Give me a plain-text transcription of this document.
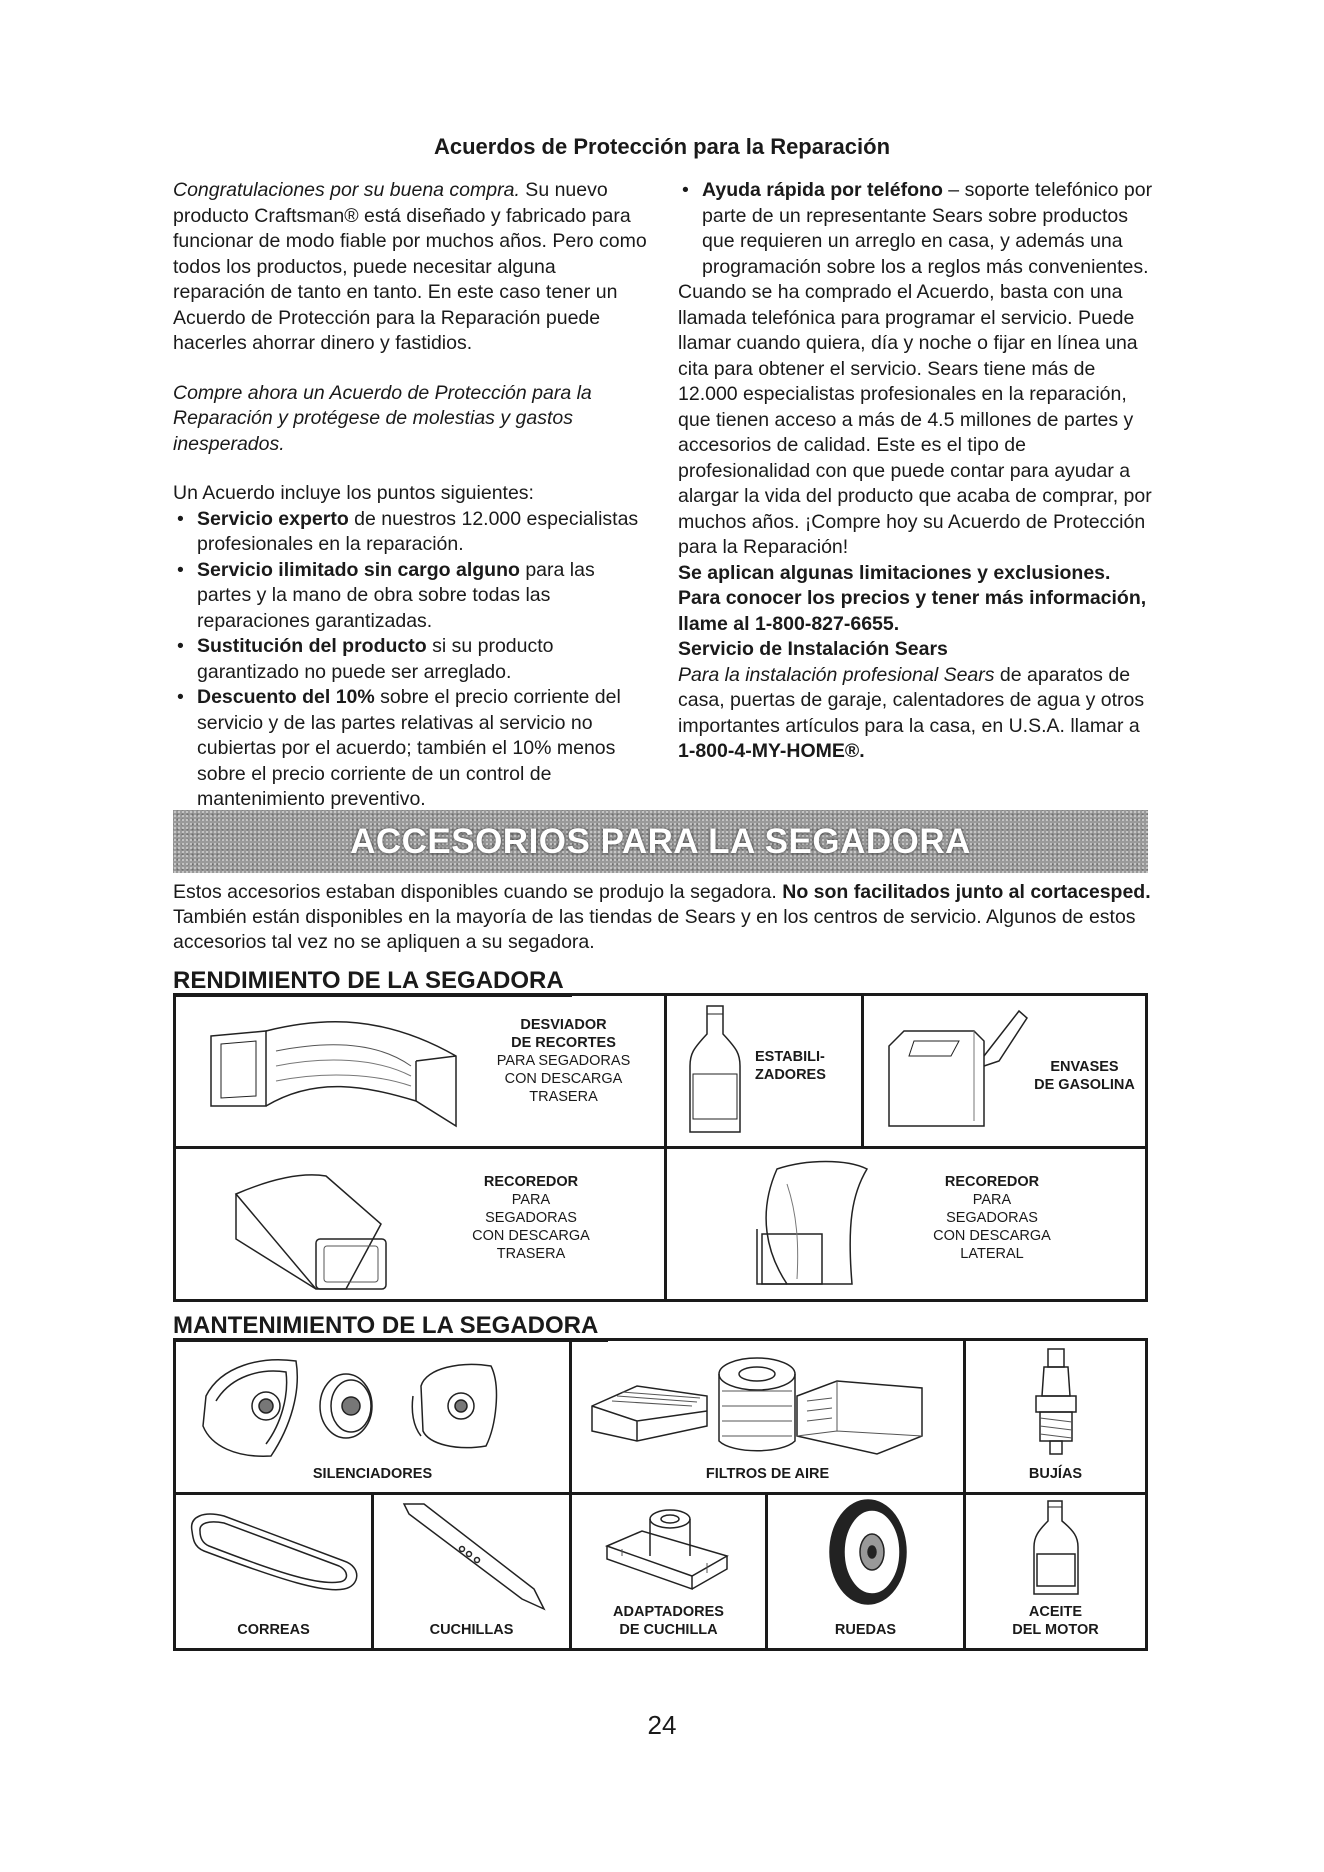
Acuerdos de Protección para la Reparación

Congratulaciones por su buena compra. Su nuevo producto Craftsman® está diseñado y fabricado para funcionar de modo fiable por muchos años. Pero como todos los productos, puede necesitar alguna reparación de tanto en tanto. En este caso tener un Acuerdo de Protección para la Reparación puede hacerles ahorrar dinero y fastidios.

Compre ahora un Acuerdo de Protección para la Reparación y protégese de molestias y gastos inesperados.

Un Acuerdo incluye los puntos siguientes:

• Servicio experto de nuestros 12.000 especialistas profesionales en la reparación.
• Servicio ilimitado sin cargo alguno para las partes y la mano de obra sobre todas las reparaciones garantizadas.
• Sustitución del producto si su producto garantizado no puede ser arreglado.
• Descuento del 10% sobre el precio corriente del servicio y de las partes relativas al servicio no cubiertas por el acuerdo; también el 10% menos sobre el precio corriente de un control de mantenimiento preventivo.
• Ayuda rápida por teléfono – soporte telefónico por parte de un representante Sears sobre productos que requieren un arreglo en casa, y además una programación sobre los a reglos más convenientes.

Cuando se ha comprado el Acuerdo, basta con una llamada telefónica para programar el servicio. Puede llamar cuando quiera, día y noche o fijar en línea una cita para obtener el servicio. Sears tiene más de 12.000 especialistas profesionales en la reparación, que tienen acceso a más de 4.5 millones de partes y accesorios de calidad. Este es el tipo de profesionalidad con que puede contar para ayudar a alargar la vida del producto que acaba de comprar, por muchos años. ¡Compre hoy su Acuerdo de Protección para la Reparación!

Se aplican algunas limitaciones y exclusiones. Para conocer los precios y tener más información, llame al 1-800-827-6655.

Servicio de Instalación Sears

Para la instalación profesional Sears de aparatos de casa, puertas de garaje, calentadores de agua y otros importantes artículos para la casa, en U.S.A. llamar a 1-800-4-MY-HOME®.

ACCESORIOS PARA LA SEGADORA
Estos accesorios estaban disponibles cuando se produjo la segadora. No son facilitados junto al cortacesped. También están disponibles en la mayoría de las tiendas de Sears y en los centros de servicio. Algunos de estos accesorios tal vez no se apliquen a su segadora.
RENDIMIENTO DE LA SEGADORA
DESVIADOR
DE RECORTES
PARA SEGADORAS
CON DESCARGA
TRASERA
ESTABILI-
ZADORES	ENVASES
DE GASOLINA
RECOREDOR
PARA
SEGADORAS
CON DESCARGA
TRASERA
RECOREDOR
PARA
SEGADORAS
CON DESCARGA
LATERAL
MANTENIMIENTO DE LA SEGADORA
SILENCIADORES	FILTROS DE AIRE	BUJÍAS
CORREAS	CUCHILLAS
ADAPTADORES
DE CUCHILLA	RUEDAS
ACEITE
DEL MOTOR
24
